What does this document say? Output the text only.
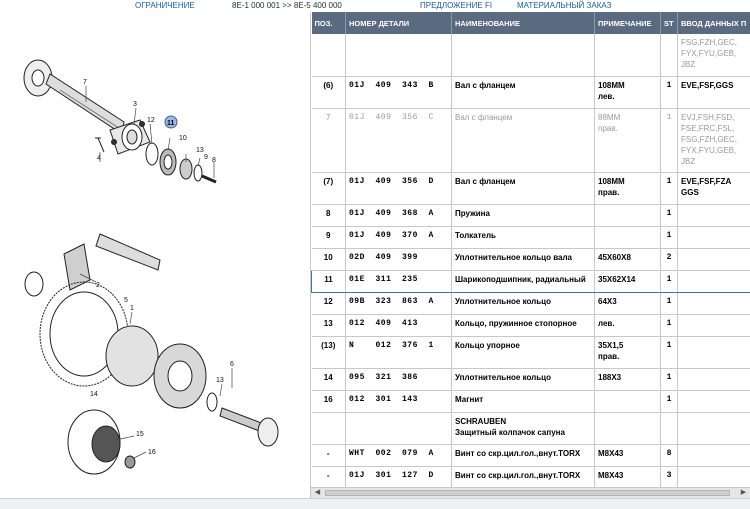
ОГРАНИЧЕНИЕ	8E-1 000 001 >> 8E-5 400 000	ПРЕДЛОЖЕНИЕ FI	МАТЕРИАЛЬНЫЙ ЗАКАЗ
7
3
12
10
13
9 8
4
2
1
6
13
5
15
16
14
11
ПОЗ.	НОМЕР ДЕТАЛИ	НАИМЕНОВАНИЕ	ПРИМЕЧАНИЕ	ST	ВВОД ДАННЫХ П
					FSG,FZH,GEC,
FYX,FYU,GEB,
JBZ
(6)	01J  409  343  B	Вал с фланцем	108MM
лев.	1	EVE,FSF,GGS
7	01J  409  356  C	Вал с фланцем	88MM
прав.	1	EVJ,FSH,FSD,
FSE,FRC,FSL,
FSG,FZH,GEC,
FYX,FYU,GEB,
JBZ
(7)	01J  409  356  D	Вал с фланцем	108MM
прав.	1	EVE,FSF,FZA
GGS
8	01J  409  368  A	Пружина		1	
9	01J  409  370  A	Толкатель		1	
10	02D  409  399	Уплотнительное кольцо вала	45X60X8	2	
11	01E  311  235	Шарикоподшипник, радиальный	35X62X14	1	
12	09B  323  863  A	Уплотнительное кольцо	64X3	1	
13	012  409  413	Кольцо, пружинное стопорное	лев.	1	
(13)	N    012  376  1	Кольцо упорное	35X1,5
прав.	1	
14	095  321  386	Уплотнительное кольцо	188X3	1	
16	012  301  143	Магнит		1	
		SCHRAUBEN
Защитный колпачок сапуна			
-	WHT  002  079  A	Винт со скр.цил.гол.,внут.TORX	M8X43	8	
-	01J  301  127  D	Винт со скр.цил.гол.,внут.TORX	M8X43	3	
◀	▶
